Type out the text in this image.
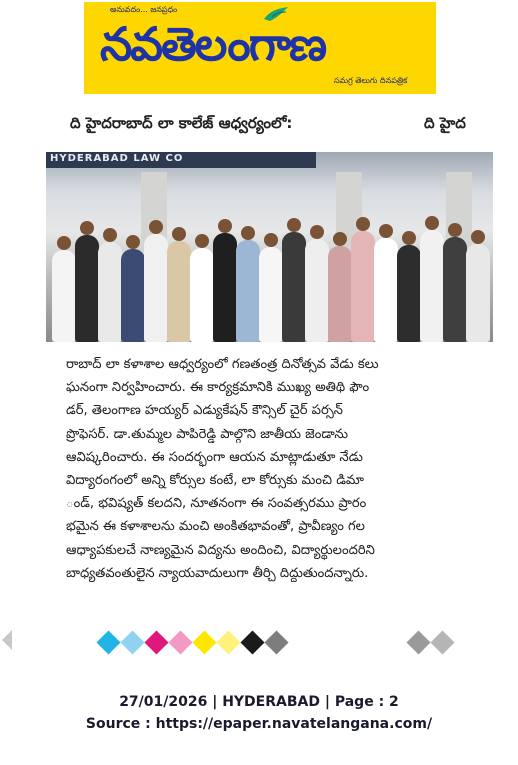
అనువదం... జనప్రధం
నవతెలంగాణ
సమగ్ర తెలుగు దినపత్రిక
ది హైదరాబాద్ లా కాలేజ్ ఆధ్వర్యంలో:	ది హైద
HYDERABAD LAW CO

రాబాద్ లా కళాశాల ఆధ్వర్యంలో గణతంత్ర దినోత్సవ వేడు కలు
ఘనంగా నిర్వహించారు. ఈ కార్యక్రమానికి ముఖ్య అతిథి ఫౌం
డర్, తెలంగాణ హయ్యర్ ఎడ్యుకేషన్ కౌన్సిల్ చైర్ పర్సన్
ప్రొఫెసర్. డా.తుమ్మల పాపిరెడ్డి పాల్గొని జాతీయ జెండాను
ఆవిష్కరించారు. ఈ సందర్భంగా ఆయన మాట్లాడుతూ నేడు
విద్యారంగంలో అన్ని కోర్సుల కంటే, లా కోర్సుకు మంచి డిమా
ండ్, భవిష్యత్ కలదని, నూతనంగా ఈ సంవత్సరము ప్రారం
భమైన ఈ కళాశాలను మంచి అంకితభావంతో, ప్రావీణ్యం గల
ఆధ్యాపకులచే నాణ్యమైన విద్యను అందించి, విద్యార్థులందరిని
బాధ్యతవంతులైన న్యాయవాదులుగా తీర్చి దిద్దుతుందన్నారు.

27/01/2026 | HYDERABAD | Page : 2
Source : https://epaper.navatelangana.com/
